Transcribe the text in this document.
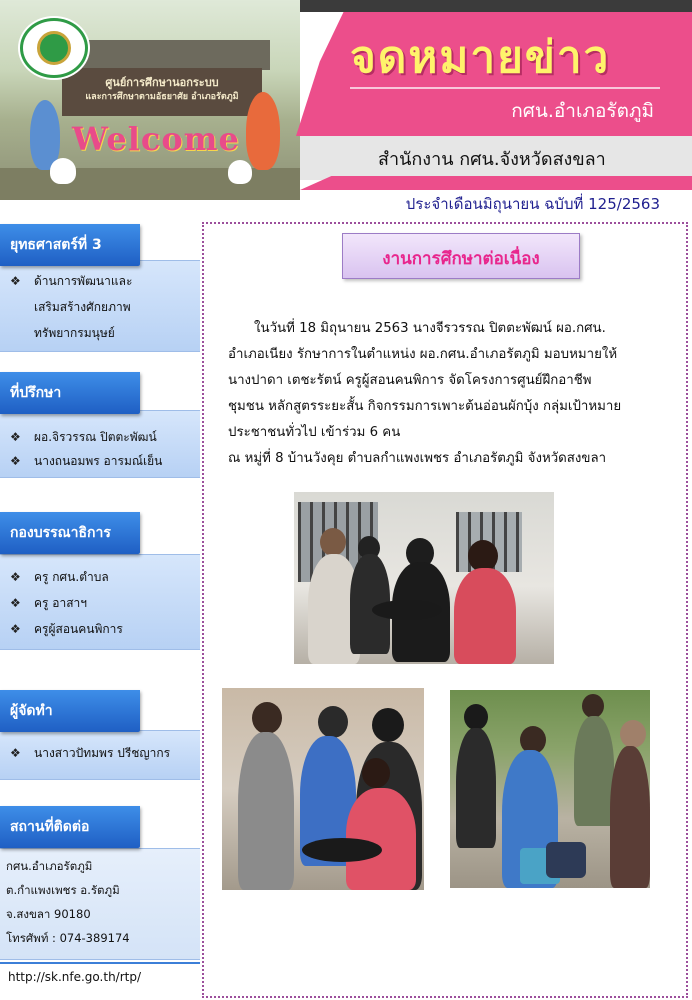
ศูนย์การศึกษานอกระบบ
และการศึกษาตามอัธยาศัย อำเภอรัตภูมิ
Welcome
จดหมายข่าว
กศน.อำเภอรัตภูมิ
สำนักงาน กศน.จังหวัดสงขลา
ประจำเดือนมิถุนายน ฉบับที่ 125/2563
ยุทธศาสตร์ที่ 3
❖	ด้านการพัฒนาและ
เสริมสร้างศักยภาพ
ทรัพยากรมนุษย์
ที่ปรึกษา
❖	ผอ.จิรวรรณ ปิตตะพัฒน์
❖	นางถนอมพร อารมณ์เย็น
กองบรรณาธิการ
❖	ครู กศน.ตำบล
❖	ครู อาสาฯ
❖	ครูผู้สอนคนพิการ
ผู้จัดทำ
❖	นางสาวปัทมพร ปรีชญากร
สถานที่ติดต่อ
กศน.อำเภอรัตภูมิ
ต.กำแพงเพชร อ.รัตภูมิ
จ.สงขลา 90180
โทรศัพท์ : 074-389174
http://sk.nfe.go.th/rtp/
งานการศึกษาต่อเนื่อง
ในวันที่ 18 มิถุนายน 2563 นางจีรวรรณ ปิตตะพัฒน์ ผอ.กศน.
อำเภอเนียง รักษาการในตำแหน่ง ผอ.กศน.อำเภอรัตภูมิ มอบหมายให้
นางปาดา เตชะรัตน์ ครูผู้สอนคนพิการ จัดโครงการศูนย์ฝึกอาชีพ
ชุมชน หลักสูตรระยะสั้น กิจกรรมการเพาะต้นอ่อนผักบุ้ง กลุ่มเป้าหมาย
ประชาชนทั่วไป เข้าร่วม 6 คน
ณ หมู่ที่ 8 บ้านวังคุย ตำบลกำแพงเพชร อำเภอรัตภูมิ จังหวัดสงขลา
